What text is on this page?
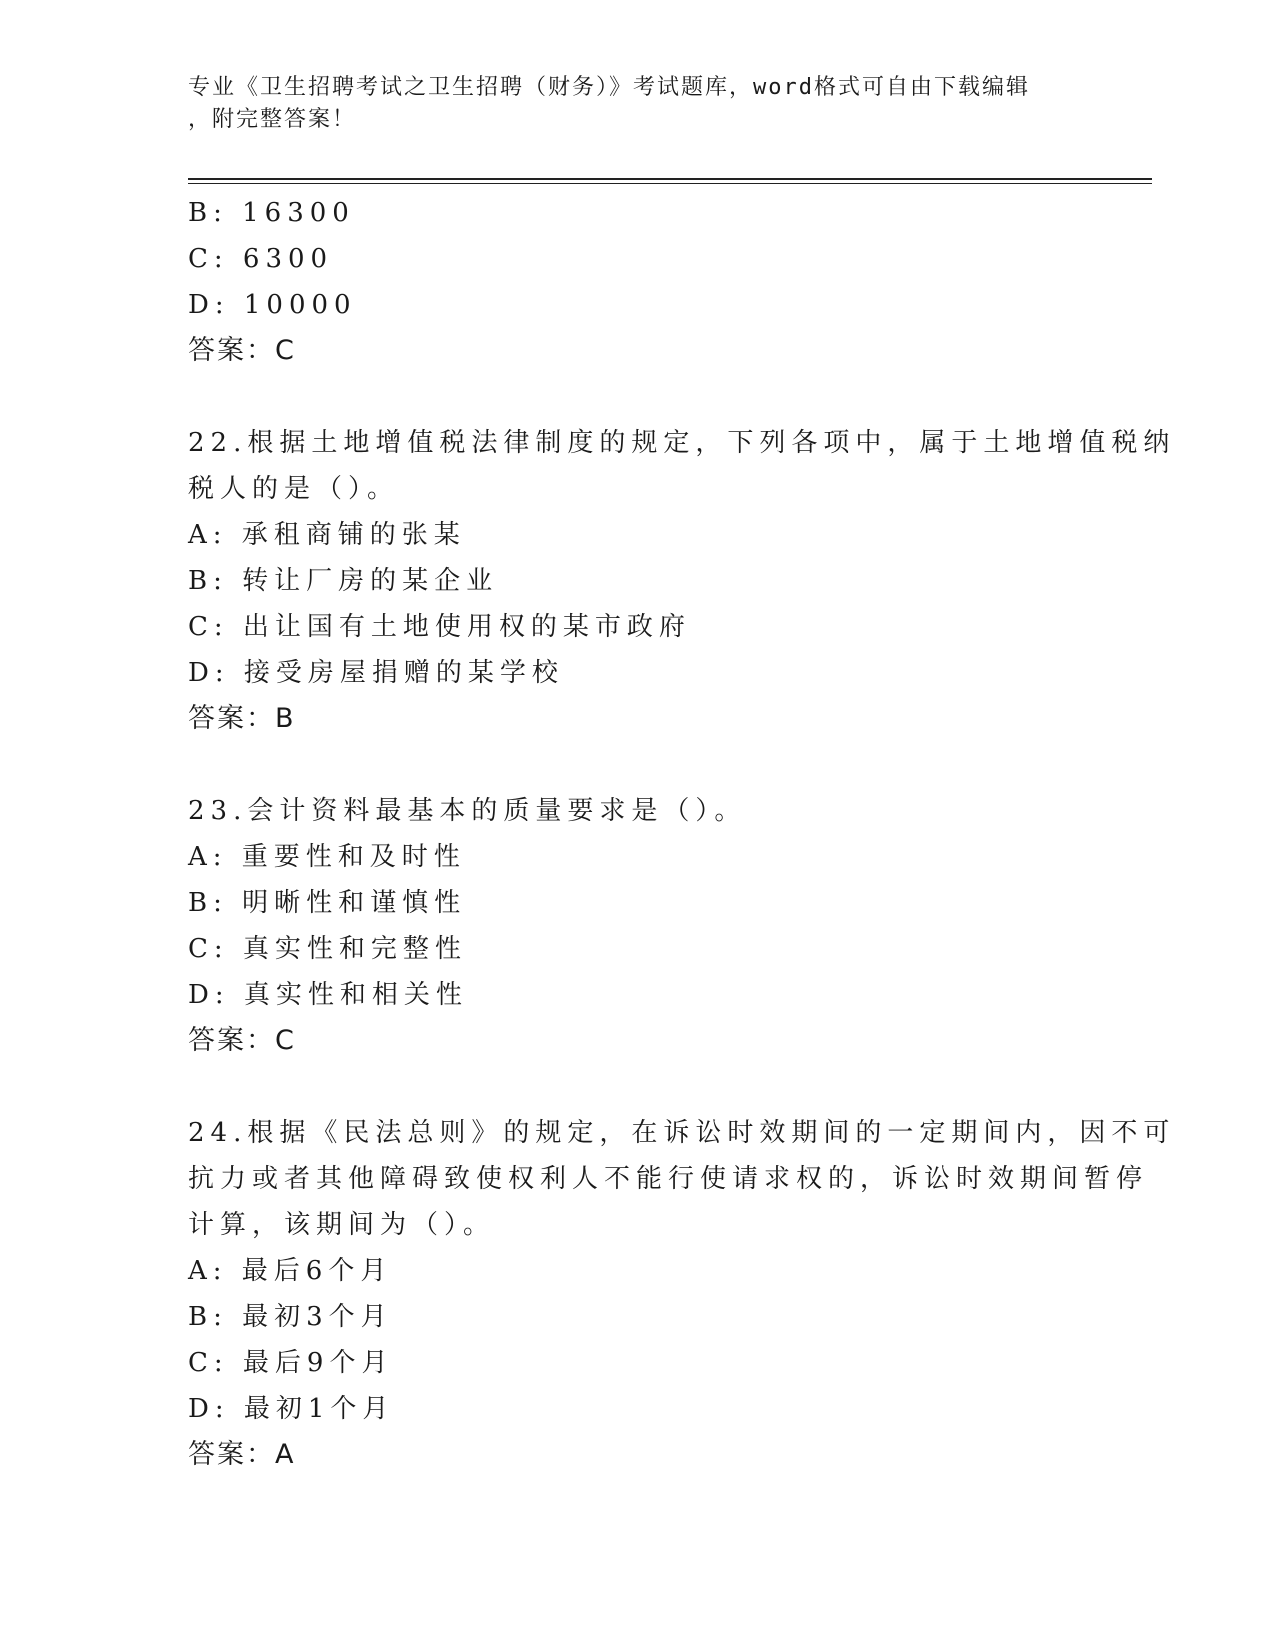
专业《卫生招聘考试之卫生招聘（财务）》考试题库，word格式可自由下载编辑
，附完整答案！
B: 16300
C: 6300
D: 10000
答案：C
22.根据土地增值税法律制度的规定，下列各项中，属于土地增值税纳
税人的是（）。
A: 承租商铺的张某
B: 转让厂房的某企业
C: 出让国有土地使用权的某市政府
D: 接受房屋捐赠的某学校
答案：B
23.会计资料最基本的质量要求是（）。
A: 重要性和及时性
B: 明晰性和谨慎性
C: 真实性和完整性
D: 真实性和相关性
答案：C
24.根据《民法总则》的规定，在诉讼时效期间的一定期间内，因不可
抗力或者其他障碍致使权利人不能行使请求权的，诉讼时效期间暂停
计算，该期间为（）。
A: 最后6个月
B: 最初3个月
C: 最后9个月
D: 最初1个月
答案：A
